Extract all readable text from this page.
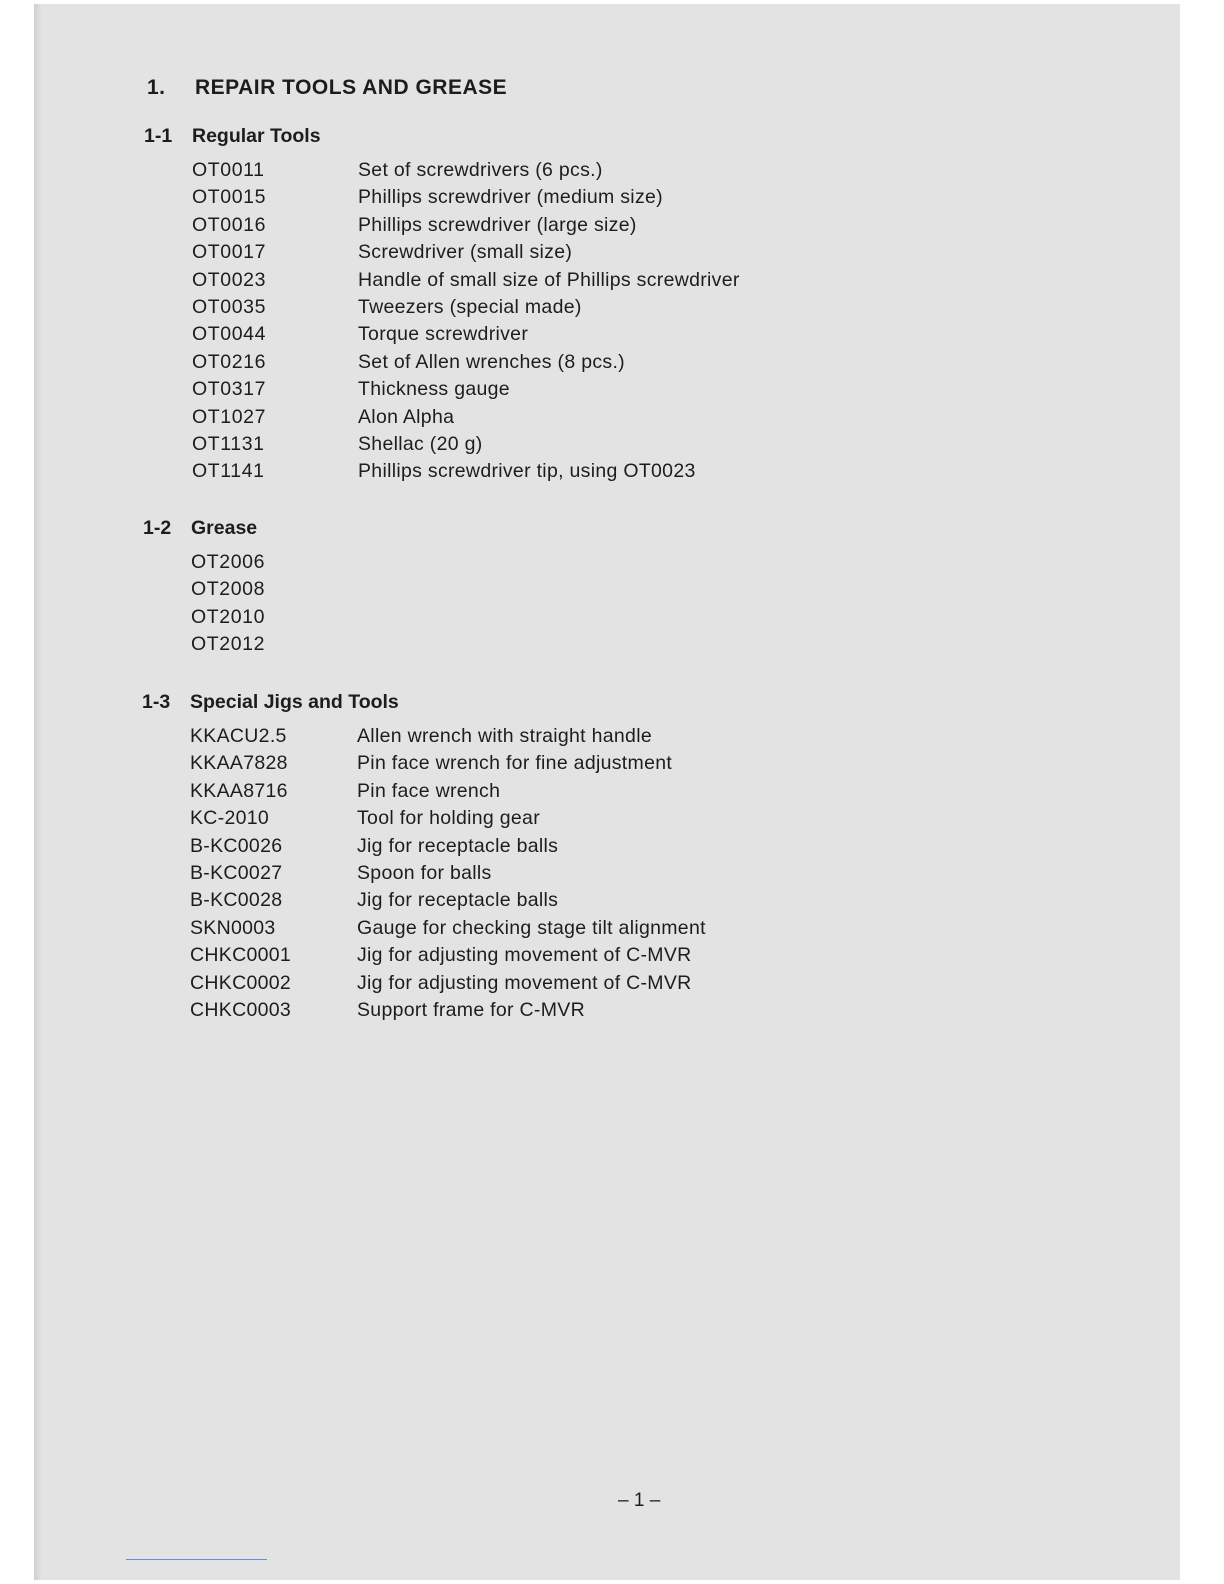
1. REPAIR TOOLS AND GREASE
1-1 Regular Tools
OT0011	Set of screwdrivers (6 pcs.)
OT0015	Phillips screwdriver (medium size)
OT0016	Phillips screwdriver (large size)
OT0017	Screwdriver (small size)
OT0023	Handle of small size of Phillips screwdriver
OT0035	Tweezers (special made)
OT0044	Torque screwdriver
OT0216	Set of Allen wrenches (8 pcs.)
OT0317	Thickness gauge
OT1027	Alon Alpha
OT1131	Shellac (20 g)
OT1141	Phillips screwdriver tip, using OT0023
1-2 Grease
OT2006
OT2008
OT2010
OT2012
1-3 Special Jigs and Tools
KKACU2.5	Allen wrench with straight handle
KKAA7828	Pin face wrench for fine adjustment
KKAA8716	Pin face wrench
KC-2010	Tool for holding gear
B-KC0026	Jig for receptacle balls
B-KC0027	Spoon for balls
B-KC0028	Jig for receptacle balls
SKN0003	Gauge for checking stage tilt alignment
CHKC0001	Jig for adjusting movement of C-MVR
CHKC0002	Jig for adjusting movement of C-MVR
CHKC0003	Support frame for C-MVR
– 1 –
